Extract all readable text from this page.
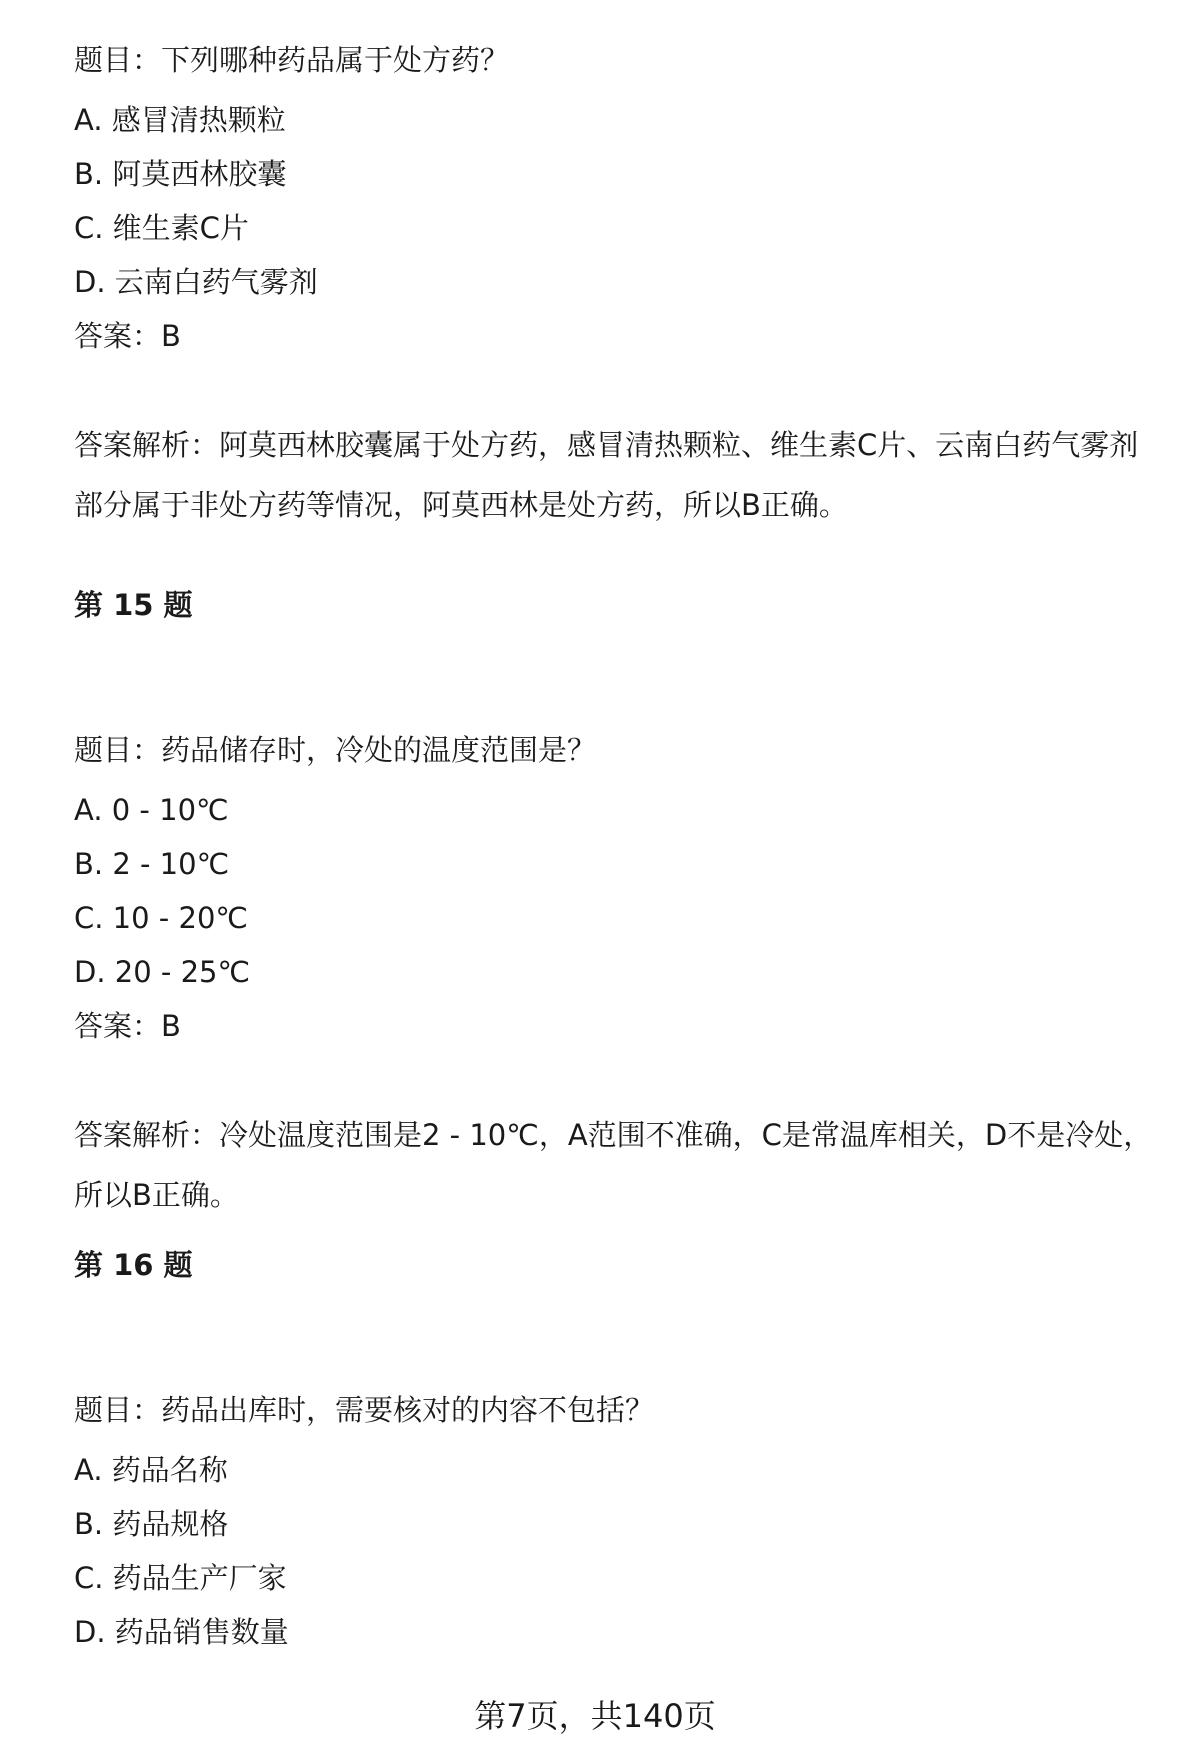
题目：下列哪种药品属于处方药？

A. 感冒清热颗粒

B. 阿莫西林胶囊

C. 维生素C片

D. 云南白药气雾剂

答案：B

答案解析：阿莫西林胶囊属于处方药，感冒清热颗粒、维生素C片、云南白药气雾剂部分属于非处方药等情况，阿莫西林是处方药，所以B正确。

第 15 题

题目：药品储存时，冷处的温度范围是？

A. 0 - 10℃

B. 2 - 10℃

C. 10 - 20℃

D. 20 - 25℃

答案：B

答案解析：冷处温度范围是2 - 10℃，A范围不准确，C是常温库相关，D不是冷处，所以B正确。

第 16 题

题目：药品出库时，需要核对的内容不包括？

A. 药品名称

B. 药品规格

C. 药品生产厂家

D. 药品销售数量

第7页，共140页
